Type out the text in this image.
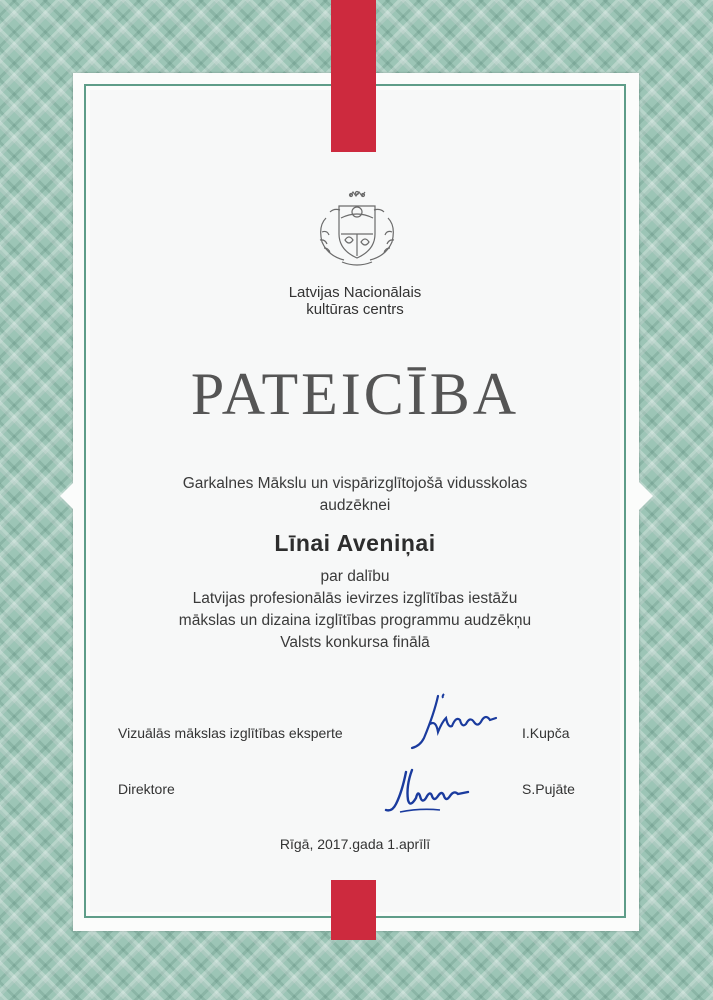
Latvijas Nacionālais
kultūras centrs
PATEICĪBA
Garkalnes Mākslu un vispārizglītojošā vidusskolas
audzēknei
Līnai Aveniņai
par dalību
Latvijas profesionālās ievirzes izglītības iestāžu
mākslas un dizaina izglītības programmu audzēkņu
Valsts konkursa finālā
Vizuālās mākslas izglītības eksperte	I.Kupča
Direktore	S.Pujāte
Rīgā, 2017.gada 1.aprīlī
